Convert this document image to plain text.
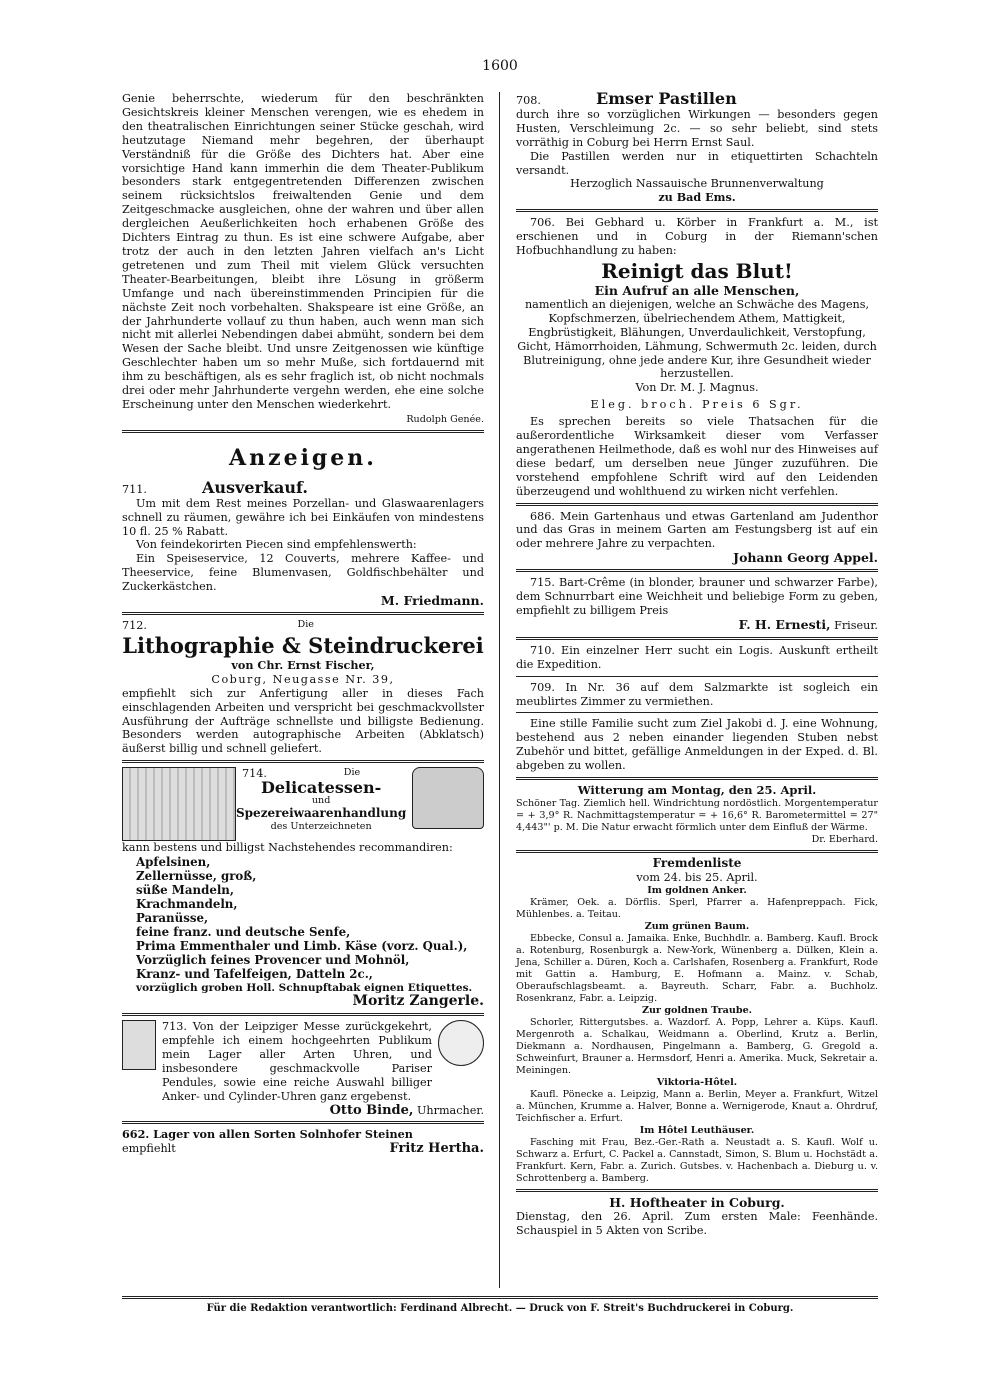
1600

Genie beherrschte, wiederum für den beschränkten Gesichtskreis kleiner Menschen verengen, wie es ehedem in den theatralischen Einrichtungen seiner Stücke geschah, wird heutzutage Niemand mehr begehren, der überhaupt Verständniß für die Größe des Dichters hat. Aber eine vorsichtige Hand kann immerhin die dem Theater-Publikum besonders stark entgegentretenden Differenzen zwischen seinem rücksichtslos freiwaltenden Genie und dem Zeitgeschmacke ausgleichen, ohne der wahren und über allen dergleichen Aeußerlichkeiten hoch erhabenen Größe des Dichters Eintrag zu thun. Es ist eine schwere Aufgabe, aber trotz der auch in den letzten Jahren vielfach an's Licht getretenen und zum Theil mit vielem Glück versuchten Theater-Bearbeitungen, bleibt ihre Lösung in größerm Umfange und nach übereinstimmenden Principien für die nächste Zeit noch vorbehalten. Shakspeare ist eine Größe, an der Jahrhunderte vollauf zu thun haben, auch wenn man sich nicht mit allerlei Nebendingen dabei abmüht, sondern bei dem Wesen der Sache bleibt. Und unsre Zeitgenossen wie künftige Geschlechter haben um so mehr Muße, sich fortdauernd mit ihm zu beschäftigen, als es sehr fraglich ist, ob nicht nochmals drei oder mehr Jahrhunderte vergehn werden, ehe eine solche Erscheinung unter den Menschen wiederkehrt.

Rudolph Genée.

Anzeigen.

711.	Ausverkauf.

Um mit dem Rest meines Porzellan- und Glaswaarenlagers schnell zu räumen, gewähre ich bei Einkäufen von mindestens 10 fl. 25 % Rabatt.

Von feindekorirten Piecen sind empfehlenswerth:

Ein Speiseservice, 12 Couverts, mehrere Kaffee- und Theeservice, feine Blumenvasen, Goldfischbehälter und Zuckerkästchen.

M. Friedmann.

712.	Die

Lithographie & Steindruckerei

von Chr. Ernst Fischer,

Coburg, Neugasse Nr. 39,

empfiehlt sich zur Anfertigung aller in dieses Fach einschlagenden Arbeiten und verspricht bei geschmackvollster Ausführung der Aufträge schnellste und billigste Bedienung. Besonders werden autographische Arbeiten (Abklatsch) äußerst billig und schnell geliefert.

714.	Die

Delicatessen-

und

Spezereiwaarenhandlung

des Unterzeichneten

kann bestens und billigst Nachstehendes recommandiren:

Apfelsinen,

Zellernüsse, groß,

süße Mandeln,

Krachmandeln,

Paranüsse,

feine franz. und deutsche Senfe,

Prima Emmenthaler und Limb. Käse (vorz. Qual.),

Vorzüglich feines Provencer und Mohnöl,

Kranz- und Tafelfeigen, Datteln 2c.,

vorzüglich groben Holl. Schnupftabak eignen Etiquettes.

Moritz Zangerle.

713. Von der Leipziger Messe zurückgekehrt, empfehle ich einem hochgeehrten Publikum mein Lager aller Arten Uhren, und insbesondere geschmackvolle Pariser Pendules, sowie eine reiche Auswahl billiger Anker- und Cylinder-Uhren ganz ergebenst.

Otto Binde, Uhrmacher.

662. Lager von allen Sorten Solnhofer Steinen

empfiehlt	Fritz Hertha.

708.	Emser Pastillen

durch ihre so vorzüglichen Wirkungen — besonders gegen Husten, Verschleimung 2c. — so sehr beliebt, sind stets vorräthig in Coburg bei Herrn Ernst Saul.

Die Pastillen werden nur in etiquettirten Schachteln versandt.

Herzoglich Nassauische Brunnenverwaltung

zu Bad Ems.

706. Bei Gebhard u. Körber in Frankfurt a. M., ist erschienen und in Coburg in der Riemann'schen Hofbuchhandlung zu haben:

Reinigt das Blut!

Ein Aufruf an alle Menschen,

namentlich an diejenigen, welche an Schwäche des Magens, Kopfschmerzen, übelriechendem Athem, Mattigkeit, Engbrüstigkeit, Blähungen, Unverdaulichkeit, Verstopfung, Gicht, Hämorrhoiden, Lähmung, Schwermuth 2c. leiden, durch Blutreinigung, ohne jede andere Kur, ihre Gesundheit wieder herzustellen.

Von Dr. M. J. Magnus.

Eleg. broch. Preis 6 Sgr.

Es sprechen bereits so viele Thatsachen für die außerordentliche Wirksamkeit dieser vom Verfasser angerathenen Heilmethode, daß es wohl nur des Hinweises auf diese bedarf, um derselben neue Jünger zuzuführen. Die vorstehend empfohlene Schrift wird auf den Leidenden überzeugend und wohlthuend zu wirken nicht verfehlen.

686. Mein Gartenhaus und etwas Gartenland am Judenthor und das Gras in meinem Garten am Festungsberg ist auf ein oder mehrere Jahre zu verpachten.

Johann Georg Appel.

715. Bart-Crême (in blonder, brauner und schwarzer Farbe), dem Schnurrbart eine Weichheit und beliebige Form zu geben, empfiehlt zu billigem Preis

F. H. Ernesti, Friseur.

710. Ein einzelner Herr sucht ein Logis. Auskunft ertheilt die Expedition.

709. In Nr. 36 auf dem Salzmarkte ist sogleich ein meublirtes Zimmer zu vermiethen.

Eine stille Familie sucht zum Ziel Jakobi d. J. eine Wohnung, bestehend aus 2 neben einander liegenden Stuben nebst Zubehör und bittet, gefällige Anmeldungen in der Exped. d. Bl. abgeben zu wollen.

Witterung am Montag, den 25. April.

Schöner Tag. Ziemlich hell. Windrichtung nordöstlich. Morgentemperatur = + 3,9° R. Nachmittagstemperatur = + 16,6° R. Barometermittel = 27" 4,443"' p. M. Die Natur erwacht förmlich unter dem Einfluß der Wärme.

Dr. Eberhard.

Fremdenliste

vom 24. bis 25. April.

Im goldnen Anker.

Krämer, Oek. a. Dörflis. Sperl, Pfarrer a. Hafenpreppach. Fick, Mühlenbes. a. Teitau.

Zum grünen Baum.

Ebbecke, Consul a. Jamaika. Enke, Buchhdlr. a. Bamberg. Kaufl. Brock a. Rotenburg, Rosenburgk a. New-York, Wünenberg a. Dülken, Klein a. Jena, Schiller a. Düren, Koch a. Carlshafen, Rosenberg a. Frankfurt, Rode mit Gattin a. Hamburg, E. Hofmann a. Mainz. v. Schab, Oberaufschlagsbeamt. a. Bayreuth. Scharr, Fabr. a. Buchholz. Rosenkranz, Fabr. a. Leipzig.

Zur goldnen Traube.

Schorler, Rittergutsbes. a. Wazdorf. A. Popp, Lehrer a. Küps. Kaufl. Mergenroth a. Schalkau, Weidmann a. Oberlind, Krutz a. Berlin, Diekmann a. Nordhausen, Pingelmann a. Bamberg, G. Gregold a. Schweinfurt, Brauner a. Hermsdorf, Henri a. Amerika. Muck, Sekretair a. Meiningen.

Viktoria-Hôtel.

Kaufl. Pönecke a. Leipzig, Mann a. Berlin, Meyer a. Frankfurt, Witzel a. München, Krumme a. Halver, Bonne a. Wernigerode, Knaut a. Ohrdruf, Teichfischer a. Erfurt.

Im Hôtel Leuthäuser.

Fasching mit Frau, Bez.-Ger.-Rath a. Neustadt a. S. Kaufl. Wolf u. Schwarz a. Erfurt, C. Packel a. Cannstadt, Simon, S. Blum u. Hochstädt a. Frankfurt. Kern, Fabr. a. Zurich. Gutsbes. v. Hachenbach a. Dieburg u. v. Schrottenberg a. Bamberg.

H. Hoftheater in Coburg.

Dienstag, den 26. April. Zum ersten Male: Feenhände. Schauspiel in 5 Akten von Scribe.

Für die Redaktion verantwortlich: Ferdinand Albrecht. — Druck von F. Streit's Buchdruckerei in Coburg.
